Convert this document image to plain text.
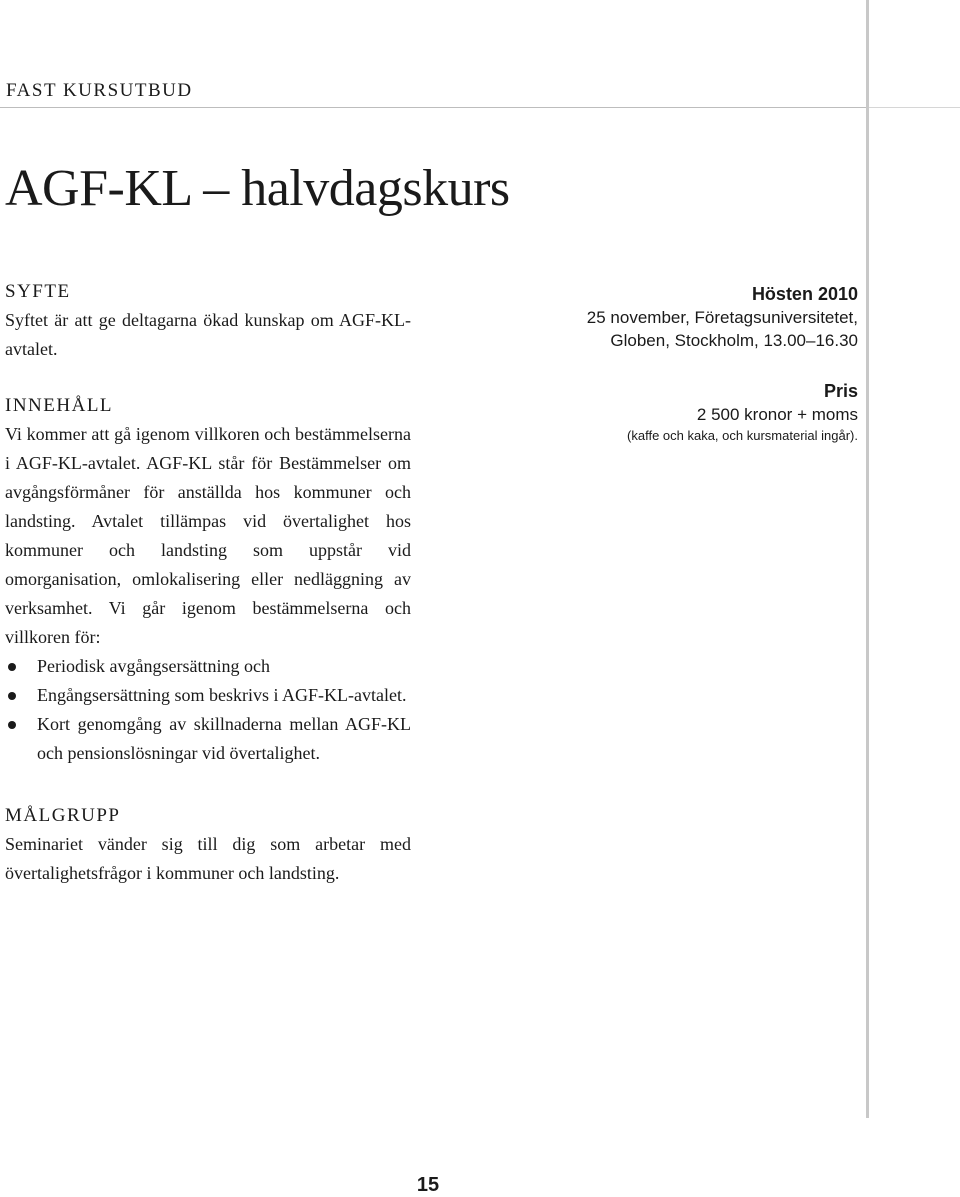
FAST KURSUTBUD
AGF-KL – halvdagskurs
SYFTE

Syftet är att ge deltagarna ökad kunskap om AGF-KL-avtalet.

INNEHÅLL

Vi kommer att gå igenom villkoren och bestämmelserna i AGF-KL-avtalet. AGF-KL står för Bestämmelser om avgångsförmåner för anställda hos kommuner och landsting. Avtalet tillämpas vid övertalighet hos kommuner och landsting som uppstår vid omorganisation, omlokalisering eller nedläggning av verksamhet. Vi går igenom bestämmelserna och villkoren för:

Periodisk avgångsersättning och
Engångsersättning som beskrivs i AGF-KL-avtalet.
Kort genomgång av skillnaderna mellan AGF-KL och pensionslösningar vid övertalighet.
MÅLGRUPP

Seminariet vänder sig till dig som arbetar med övertalighetsfrågor i kommuner och landsting.

Hösten 2010
25 november, Företagsuniversitetet,
Globen, Stockholm, 13.00–16.30
Pris
2 500 kronor + moms
(kaffe och kaka, och kursmaterial ingår).
15
